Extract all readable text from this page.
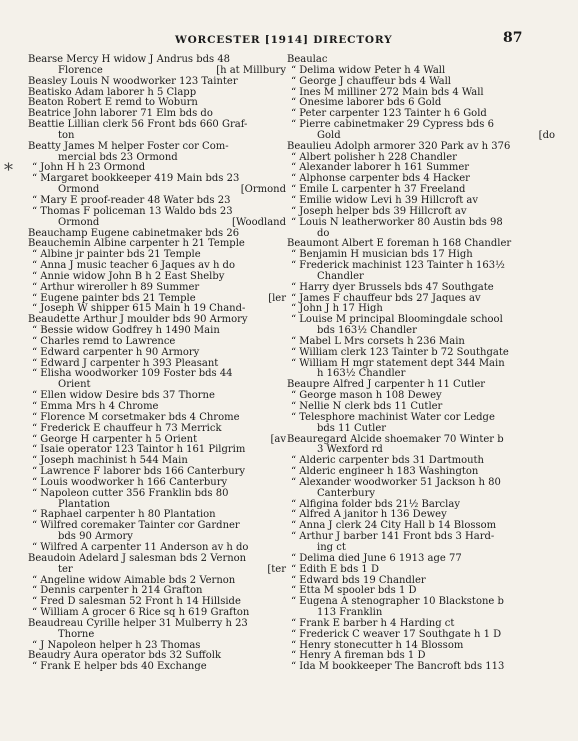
WORCESTER [1914] DIRECTORY	87
*
Bearse Mercy H widow J Andrus bds 48
Florence	[h at Millbury
Beasley Louis N woodworker 123 Tainter
Beatisko Adam laborer h 5 Clapp
Beaton Robert E remd to Woburn
Beatrice John laborer 71 Elm bds do
Beattie Lillian clerk 56 Front bds 660 Graf-
ton
Beatty James M helper Foster cor Com-
mercial bds 23 Ormond
“ John H h 23 Ormond
“ Margaret bookkeeper 419 Main bds 23
Ormond	[Ormond
“ Mary E proof-reader 48 Water bds 23
“ Thomas F policeman 13 Waldo bds 23
Ormond	[Woodland
Beauchamp Eugene cabinetmaker bds 26
Beauchemin Albine carpenter h 21 Temple
“ Albine jr painter bds 21 Temple
“ Anna J music teacher 6 Jaques av h do
“ Annie widow John B h 2 East Shelby
“ Arthur wireroller h 89 Summer
“ Eugene painter bds 21 Temple	[ler
“ Joseph W shipper 615 Main h 19 Chand-
Beaudette Arthur J moulder bds 90 Armory
“ Bessie widow Godfrey h 1490 Main
“ Charles remd to Lawrence
“ Edward carpenter h 90 Armory
“ Edward J carpenter h 393 Pleasant
“ Elisha woodworker 109 Foster bds 44
Orient
“ Ellen widow Desire bds 37 Thorne
“ Emma Mrs h 4 Chrome
“ Florence M corsetmaker bds 4 Chrome
“ Frederick E chauffeur h 73 Merrick
“ George H carpenter h 5 Orient	[av
“ Isaie operator 123 Taintor h 161 Pilgrim
“ Joseph machinist h 544 Main
“ Lawrence F laborer bds 166 Canterbury
“ Louis woodworker h 166 Canterbury
“ Napoleon cutter 356 Franklin bds 80
Plantation
“ Raphael carpenter h 80 Plantation
“ Wilfred coremaker Tainter cor Gardner
bds 90 Armory
“ Wilfred A carpenter 11 Anderson av h do
Beaudoin Adelard J salesman bds 2 Vernon
ter	[ter
“ Angeline widow Aimable bds 2 Vernon
“ Dennis carpenter h 214 Grafton
“ Fred D salesman 52 Front h 14 Hillside
“ William A grocer 6 Rice sq h 619 Grafton
Beaudreau Cyrille helper 31 Mulberry h 23
Thorne
“ J Napoleon helper h 23 Thomas
Beaudry Aura operator bds 32 Suffolk
“ Frank E helper bds 40 Exchange
Beaulac
“ Delima widow Peter h 4 Wall
“ George J chauffeur bds 4 Wall
“ Ines M milliner 272 Main bds 4 Wall
“ Onesime laborer bds 6 Gold
“ Peter carpenter 123 Tainter h 6 Gold
“ Pierre cabinetmaker 29 Cypress bds 6
Gold	[do
Beaulieu Adolph armorer 320 Park av h 376
“ Albert polisher h 228 Chandler
“ Alexander laborer h 161 Summer
“ Alphonse carpenter bds 4 Hacker
“ Emile L carpenter h 37 Freeland
“ Emilie widow Levi h 39 Hillcroft av
“ Joseph helper bds 39 Hillcroft av
“ Louis N leatherworker 80 Austin bds 98
do
Beaumont Albert E foreman h 168 Chandler
“ Benjamin H musician bds 17 High
“ Frederick machinist 123 Tainter h 163½
Chandler
“ Harry dyer Brussels bds 47 Southgate
“ James F chauffeur bds 27 Jaques av
“ John J h 17 High
“ Louise M principal Bloomingdale school
bds 163½ Chandler
“ Mabel L Mrs corsets h 236 Main
“ William clerk 123 Tainter b 72 Southgate
“ William H mgr statement dept 344 Main
h 163½ Chandler
Beaupre Alfred J carpenter h 11 Cutler
“ George mason h 108 Dewey
“ Nellie N clerk bds 11 Cutler
“ Telesphore machinist Water cor Ledge
bds 11 Cutler
Beauregard Alcide shoemaker 70 Winter b
3 Wexford rd
“ Alderic carpenter bds 31 Dartmouth
“ Alderic engineer h 183 Washington
“ Alexander woodworker 51 Jackson h 80
Canterbury
“ Alfigina folder bds 21½ Barclay
“ Alfred A janitor h 136 Dewey
“ Anna J clerk 24 City Hall b 14 Blossom
“ Arthur J barber 141 Front bds 3 Hard-
ing ct
“ Delima died June 6 1913 age 77
“ Edith E bds 1 D
“ Edward bds 19 Chandler
“ Etta M spooler bds 1 D
“ Eugena A stenographer 10 Blackstone b
113 Franklin
“ Frank E barber h 4 Harding ct
“ Frederick C weaver 17 Southgate h 1 D
“ Henry stonecutter h 14 Blossom
“ Henry A fireman bds 1 D
“ Ida M bookkeeper The Bancroft bds 113
